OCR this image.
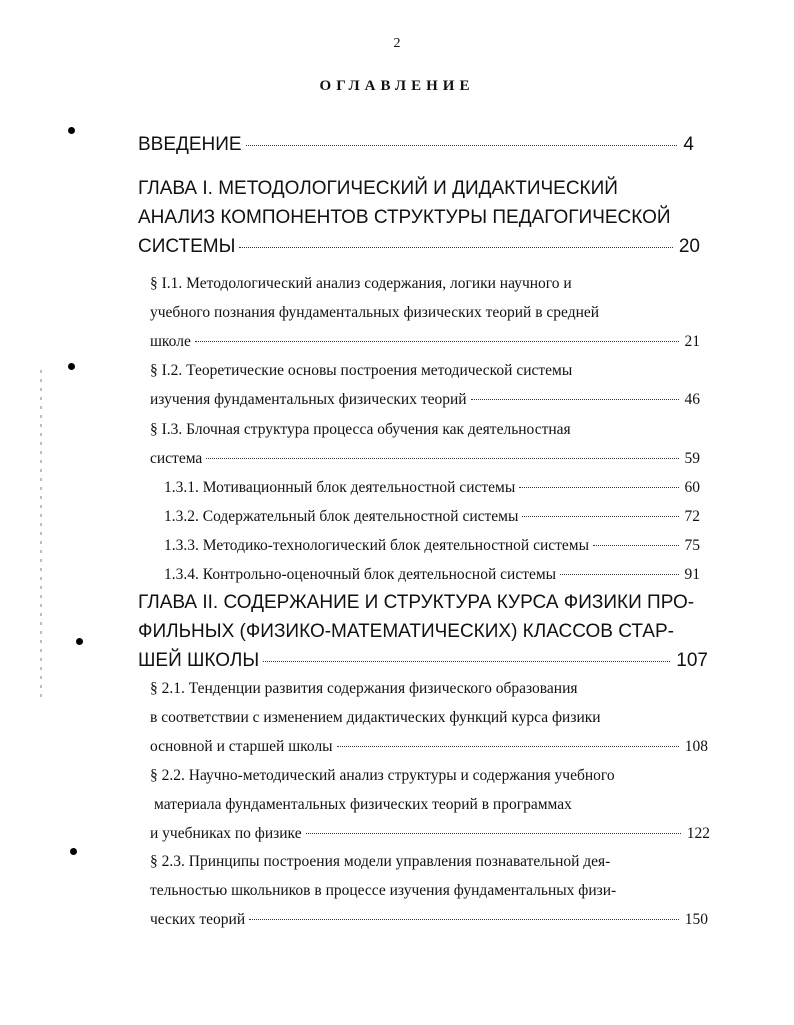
2
ОГЛАВЛЕНИЕ
ВВЕДЕНИЕ	4
ГЛАВА I. МЕТОДОЛОГИЧЕСКИЙ И ДИДАКТИЧЕСКИЙ
АНАЛИЗ КОМПОНЕНТОВ СТРУКТУРЫ ПЕДАГОГИЧЕСКОЙ
СИСТЕМЫ	20
§ I.1. Методологический анализ содержания, логики научного и
учебного познания фундаментальных физических теорий в средней
школе	21
§ I.2. Теоретические основы построения методической системы
изучения фундаментальных физических теорий	46
§ I.3. Блочная структура процесса обучения как деятельностная
система	59
1.3.1. Мотивационный блок деятельностной системы	60
1.3.2. Содержательный блок деятельностной системы	72
1.3.3. Методико-технологический блок деятельностной системы	75
1.3.4. Контрольно-оценочный блок деятельносной системы	91
ГЛАВА II. СОДЕРЖАНИЕ И СТРУКТУРА КУРСА ФИЗИКИ ПРО-
ФИЛЬНЫХ (ФИЗИКО-МАТЕМАТИЧЕСКИХ) КЛАССОВ СТАР-
ШЕЙ ШКОЛЫ	107
§ 2.1. Тенденции развития содержания физического образования
в соответствии с изменением дидактических функций курса физики
основной и старшей школы	108
§ 2.2. Научно-методический анализ структуры и содержания учебного
материала фундаментальных физических теорий в программах
и учебниках по физике	122
§ 2.3. Принципы построения модели управления познавательной дея-
тельностью школьников в процессе изучения фундаментальных физи-
ческих теорий	150
